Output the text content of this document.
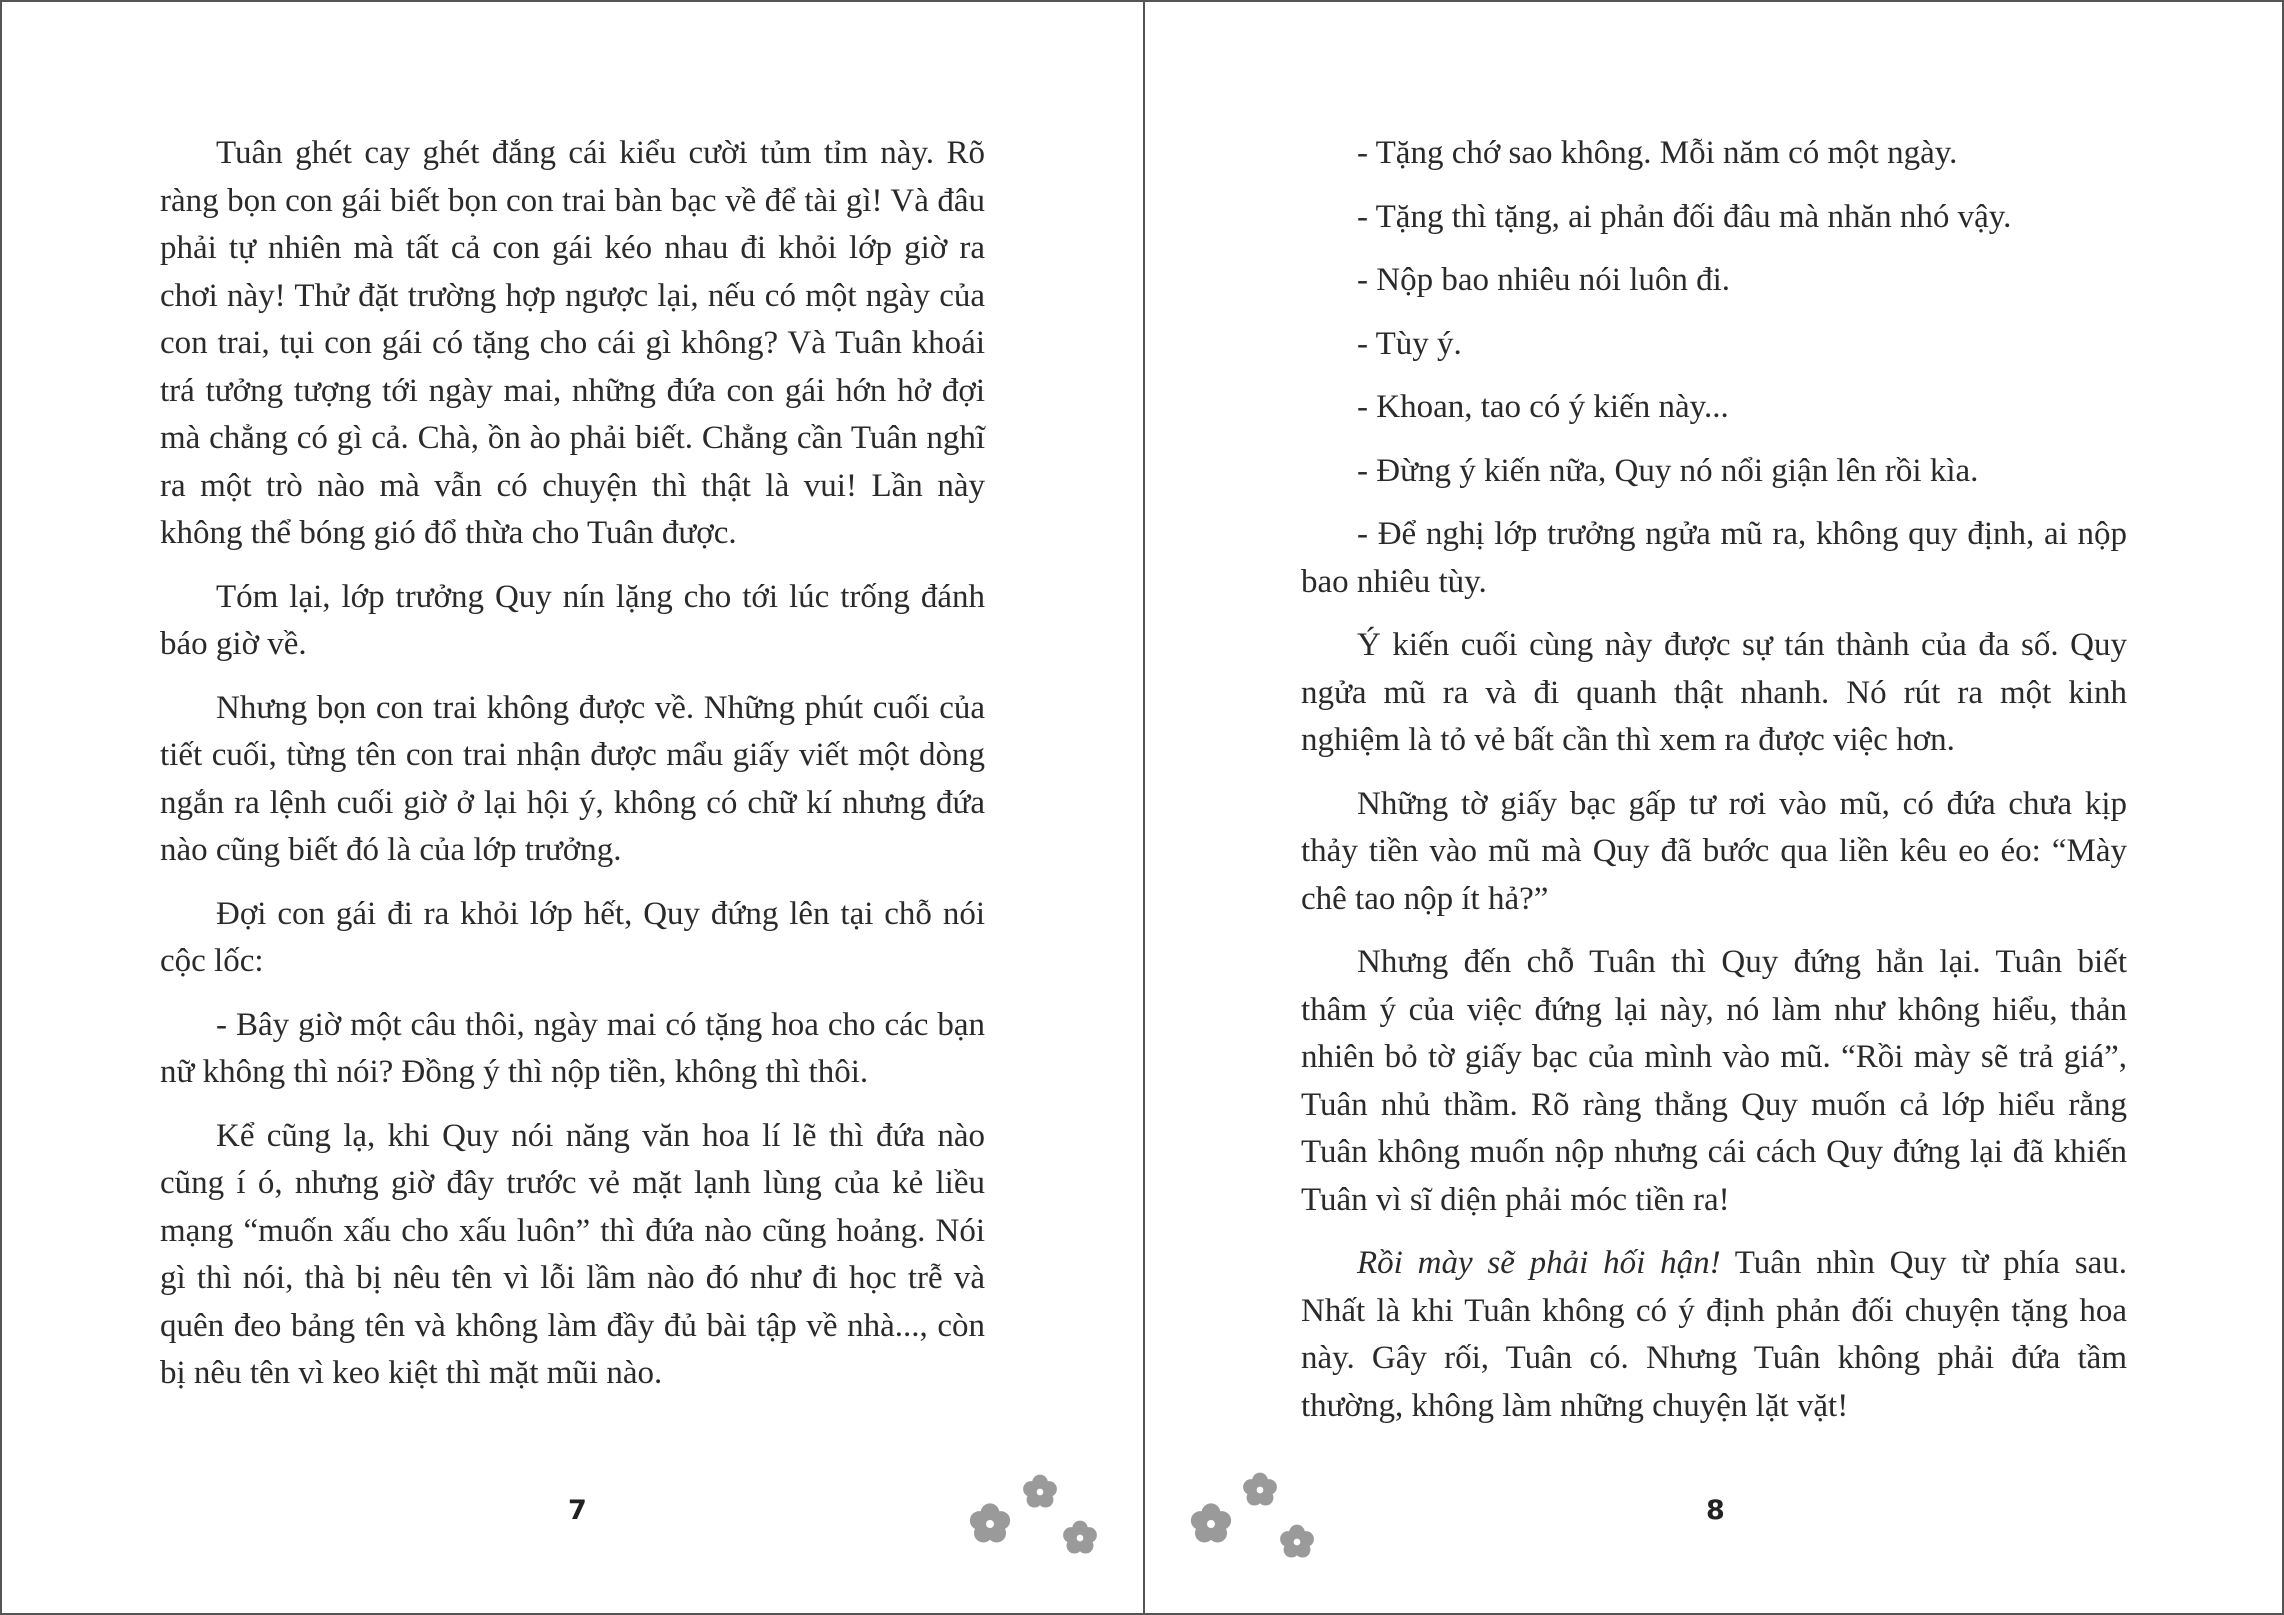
Tuân ghét cay ghét đắng cái kiểu cười tủm tỉm này. Rõ ràng bọn con gái biết bọn con trai bàn bạc về để tài gì! Và đâu phải tự nhiên mà tất cả con gái kéo nhau đi khỏi lớp giờ ra chơi này! Thử đặt trường hợp ngược lại, nếu có một ngày của con trai, tụi con gái có tặng cho cái gì không? Và Tuân khoái trá tưởng tượng tới ngày mai, những đứa con gái hớn hở đợi mà chẳng có gì cả. Chà, ồn ào phải biết. Chẳng cần Tuân nghĩ ra một trò nào mà vẫn có chuyện thì thật là vui! Lần này không thể bóng gió đổ thừa cho Tuân được.

Tóm lại, lớp trưởng Quy nín lặng cho tới lúc trống đánh báo giờ về.

Nhưng bọn con trai không được về. Những phút cuối của tiết cuối, từng tên con trai nhận được mẩu giấy viết một dòng ngắn ra lệnh cuối giờ ở lại hội ý, không có chữ kí nhưng đứa nào cũng biết đó là của lớp trưởng.

Đợi con gái đi ra khỏi lớp hết, Quy đứng lên tại chỗ nói cộc lốc:

- Bây giờ một câu thôi, ngày mai có tặng hoa cho các bạn nữ không thì nói? Đồng ý thì nộp tiền, không thì thôi.

Kể cũng lạ, khi Quy nói năng văn hoa lí lẽ thì đứa nào cũng í ó, nhưng giờ đây trước vẻ mặt lạnh lùng của kẻ liều mạng “muốn xấu cho xấu luôn” thì đứa nào cũng hoảng. Nói gì thì nói, thà bị nêu tên vì lỗi lầm nào đó như đi học trễ và quên đeo bảng tên và không làm đầy đủ bài tập về nhà..., còn bị nêu tên vì keo kiệt thì mặt mũi nào.

7

- Tặng chớ sao không. Mỗi năm có một ngày.

- Tặng thì tặng, ai phản đối đâu mà nhăn nhó vậy.

- Nộp bao nhiêu nói luôn đi.

- Tùy ý.

- Khoan, tao có ý kiến này...

- Đừng ý kiến nữa, Quy nó nổi giận lên rồi kìa.

- Để nghị lớp trưởng ngửa mũ ra, không quy định, ai nộp bao nhiêu tùy.

Ý kiến cuối cùng này được sự tán thành của đa số. Quy ngửa mũ ra và đi quanh thật nhanh. Nó rút ra một kinh nghiệm là tỏ vẻ bất cần thì xem ra được việc hơn.

Những tờ giấy bạc gấp tư rơi vào mũ, có đứa chưa kịp thảy tiền vào mũ mà Quy đã bước qua liền kêu eo éo: “Mày chê tao nộp ít hả?”

Nhưng đến chỗ Tuân thì Quy đứng hẳn lại. Tuân biết thâm ý của việc đứng lại này, nó làm như không hiểu, thản nhiên bỏ tờ giấy bạc của mình vào mũ. “Rồi mày sẽ trả giá”, Tuân nhủ thầm. Rõ ràng thằng Quy muốn cả lớp hiểu rằng Tuân không muốn nộp nhưng cái cách Quy đứng lại đã khiến Tuân vì sĩ diện phải móc tiền ra!

Rồi mày sẽ phải hối hận! Tuân nhìn Quy từ phía sau. Nhất là khi Tuân không có ý định phản đối chuyện tặng hoa này. Gây rối, Tuân có. Nhưng Tuân không phải đứa tầm thường, không làm những chuyện lặt vặt!

8
